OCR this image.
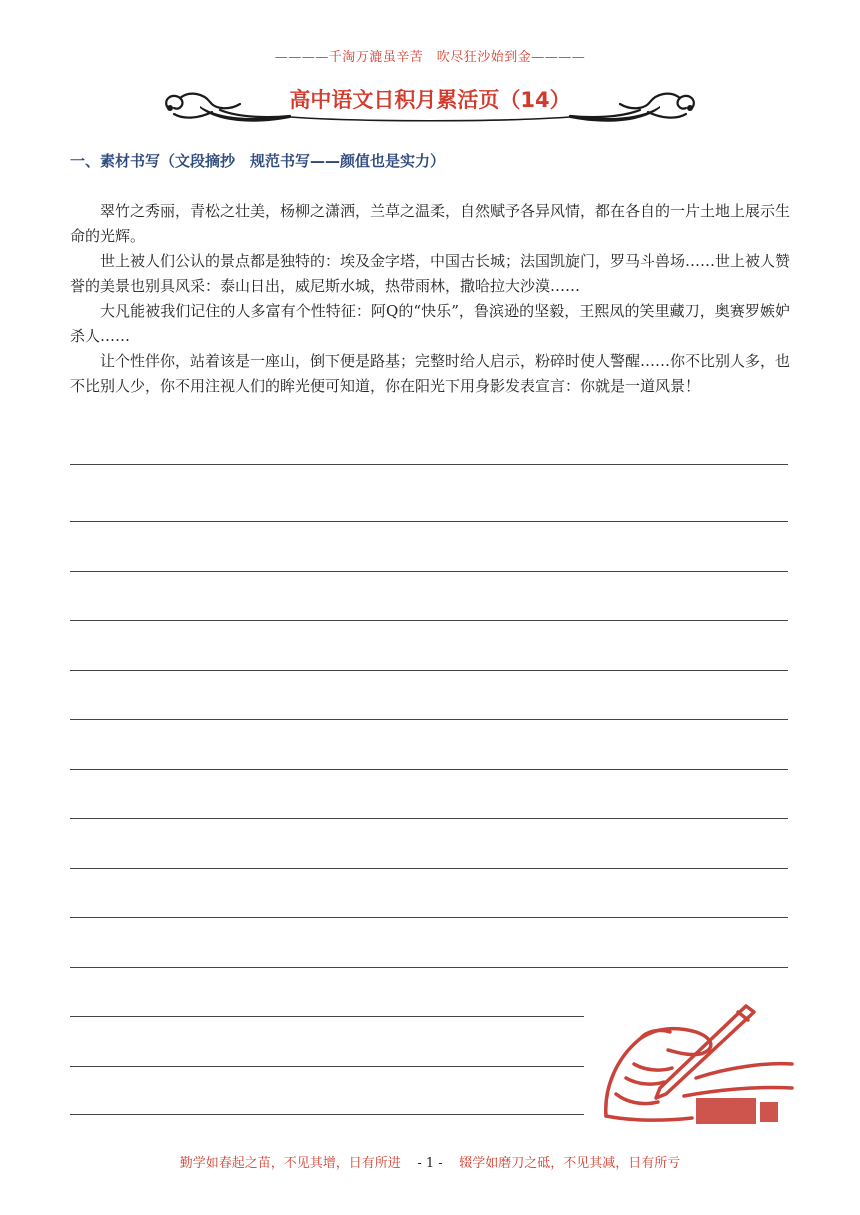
————千淘万漉虽辛苦　吹尽狂沙始到金————
高中语文日积月累活页（14）
一、素材书写（文段摘抄　规范书写——颜值也是实力）

翠竹之秀丽，青松之壮美，杨柳之潇洒，兰草之温柔，自然赋予各异风情，都在各自的一片土地上展示生命的光辉。

世上被人们公认的景点都是独特的：埃及金字塔，中国古长城；法国凯旋门，罗马斗兽场……世上被人赞誉的美景也别具风采：泰山日出，威尼斯水城，热带雨林，撒哈拉大沙漠……

大凡能被我们记住的人多富有个性特征：阿Q的“快乐”，鲁滨逊的坚毅，王熙凤的笑里藏刀，奥赛罗嫉妒杀人……

让个性伴你，站着该是一座山，倒下便是路基；完整时给人启示，粉碎时使人警醒……你不比别人多，也不比别人少，你不用注视人们的眸光便可知道，你在阳光下用身影发表宣言：你就是一道风景！

勤学如春起之苗，不见其增，日有所进 - 1 - 辍学如磨刀之砥，不见其减，日有所亏
